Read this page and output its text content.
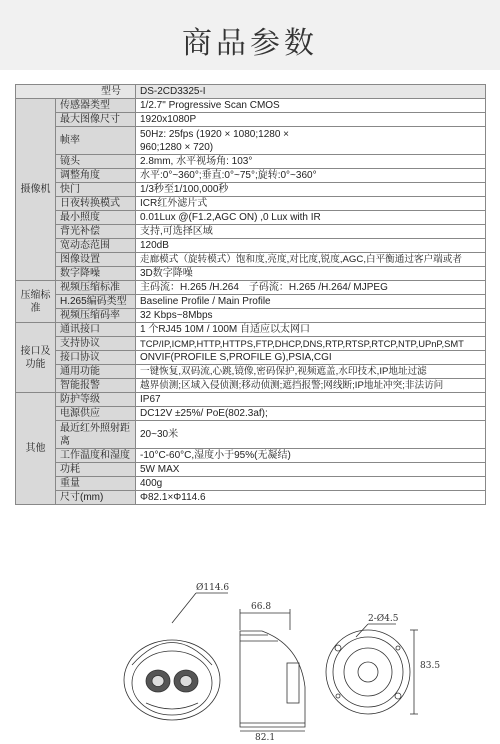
商品参数
型号		DS-2CD3325-I
摄像机	传感器类型	1/2.7" Progressive Scan CMOS
	最大图像尺寸	1920x1080P
	帧率	50Hz: 25fps (1920 × 1080;1280 × 960;1280 × 720)

	镜头	2.8mm, 水平视场角: 103°
	调整角度	水平:0°~360°;垂直:0°~75°;旋转:0°~360°
	快门	1/3秒至1/100,000秒
	日夜转换模式	ICR红外滤片式
	最小照度	0.01Lux @(F1.2,AGC ON) ,0 Lux with IR
	背光补偿	支持,可选择区域
	宽动态范围	120dB
	图像设置	走廊模式（旋转模式）饱和度,亮度,对比度,锐度,AGC,白平衡通过客户端或者
	数字降噪	3D数字降噪
压缩标准	视频压缩标准	主码流：H.265 /H.264　子码流：H.265 /H.264/ MJPEG
	H.265编码类型	Baseline Profile / Main Profile
	视频压缩码率	32 Kbps~8Mbps
接口及功能	通讯接口	1 个RJ45 10M / 100M 自适应以太网口
	支持协议	TCP/IP,ICMP,HTTP,HTTPS,FTP,DHCP,DNS,RTP,RTSP,RTCP,NTP,UPnP,SMT
	接口协议	ONVIF(PROFILE S,PROFILE G),PSIA,CGI
	通用功能	一键恢复,双码流,心跳,镜像,密码保护,视频遮盖,水印技术,IP地址过滤
	智能报警	越界侦测;区域入侵侦测;移动侦测;遮挡报警;网线断;IP地址冲突;非法访问
其他	防护等级	IP67
	电源供应	DC12V ±25%/ PoE(802.3af);
	最近红外照射距离	20~30米
	工作温度和湿度	-10°C-60°C,湿度小于95%(无凝结)
	功耗	5W MAX
	重量	400g
	尺寸(mm)	Φ82.1×Φ114.6
Ø114.6
66.8
82.1
2-Ø4.5
83.5
